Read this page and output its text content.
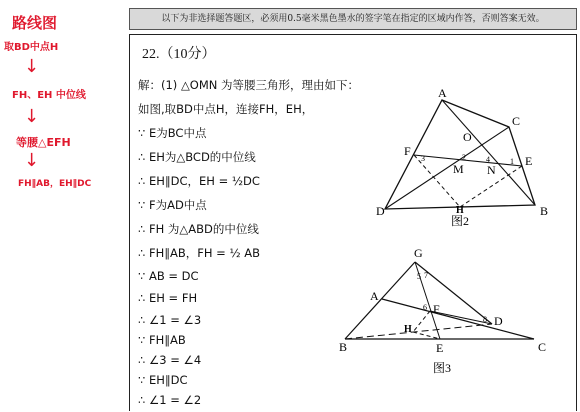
路线图
取BD中点H
↓
FH、EH 中位线
↓
等腰△EFH
↓
FH∥AB，EH∥DC
以下为非选择题答题区，必须用0.5毫米黑色墨水的签字笔在指定的区域内作答，否则答案无效。
22.（10分）
解：(1) △OMN 为等腰三角形，理由如下：
如图,取BD中点H，连接FH，EH，
∵ E为BC中点
∴ EH为△BCD的中位线
∴ EH∥DC，EH = ½DC
∵ F为AD中点
∴ FH 为△ABD的中位线
∴ FH∥AB，FH = ½ AB
∵ AB = DC
∴ EH = FH
∴ ∠1 = ∠3
∵ FH∥AB
∴ ∠3 = ∠4
∵ EH∥DC
∴ ∠1 = ∠2
A
C
O
F
E
M N
D	B
H
3	2	4	1
图2
G
A
F
D
B	E	C
H
5 7
6
8
图3
